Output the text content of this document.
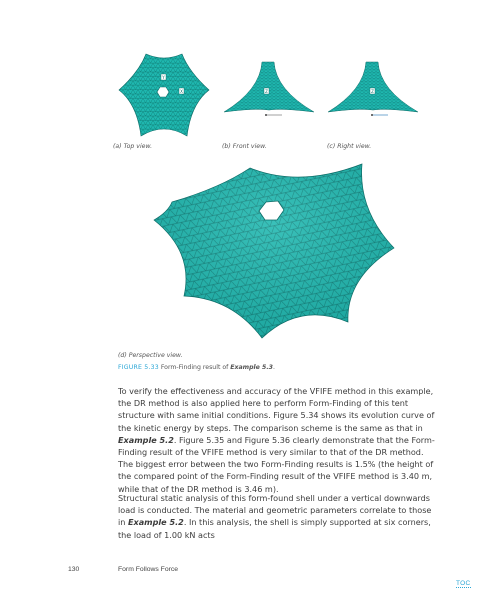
Y
X
(a) Top view.
Z
(b) Front view.
Z
(c) Right view.
(d) Perspective view.
FIGURE 5.33 Form-Finding result of Example 5.3.
To verify the effectiveness and accuracy of the VFIFE method in this example, the DR method is also applied here to perform Form-Finding of this tent structure with same initial conditions. Figure 5.34 shows its evolution curve of the kinetic energy by steps. The comparison scheme is the same as that in Example 5.2. Figure 5.35 and Figure 5.36 clearly demonstrate that the Form-Finding result of the VFIFE method is very similar to that of the DR method. The biggest error between the two Form-Finding results is 1.5% (the height of the compared point of the Form-Finding result of the VFIFE method is 3.40 m, while that of the DR method is 3.46 m).
Structural static analysis of this form-found shell under a vertical downwards load is conducted. The material and geometric parameters correlate to those in Example 5.2. In this analysis, the shell is simply supported at six corners, the load of 1.00 kN acts
130	Form Follows Force
TOC
